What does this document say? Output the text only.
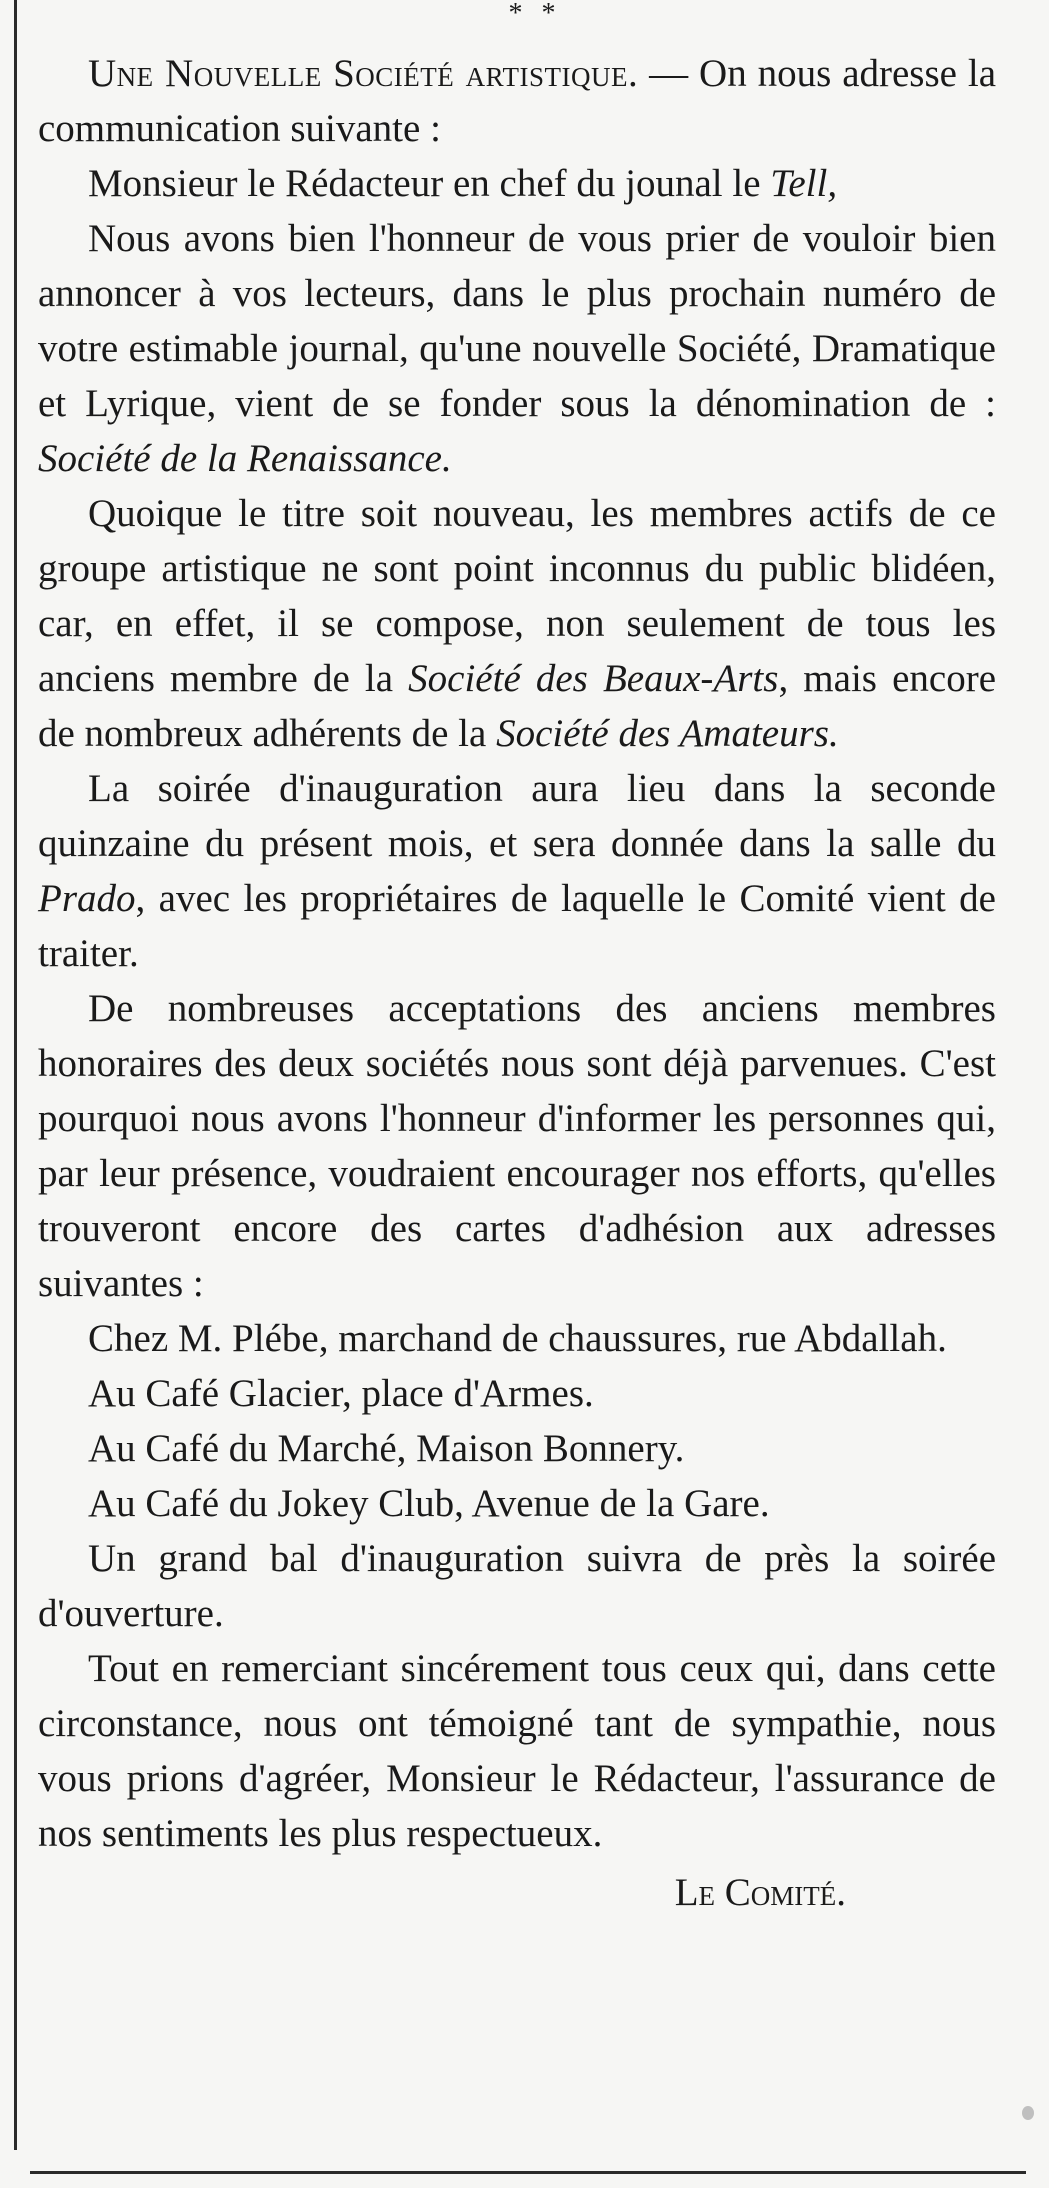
* *

Une Nouvelle Société artistique. — On nous adresse la communication suivante :

Monsieur le Rédacteur en chef du jounal le Tell,

Nous avons bien l'honneur de vous prier de vouloir bien annoncer à vos lecteurs, dans le plus prochain numéro de votre estimable journal, qu'une nouvelle Société, Dramatique et Lyrique, vient de se fonder sous la dénomination de : Société de la Renaissance.

Quoique le titre soit nouveau, les membres actifs de ce groupe artistique ne sont point inconnus du public blidéen, car, en effet, il se compose, non seulement de tous les anciens membre de la Société des Beaux-Arts, mais encore de nombreux adhérents de la Société des Amateurs.

La soirée d'inauguration aura lieu dans la seconde quinzaine du présent mois, et sera donnée dans la salle du Prado, avec les propriétaires de laquelle le Comité vient de traiter.

De nombreuses acceptations des anciens membres honoraires des deux sociétés nous sont déjà parvenues. C'est pourquoi nous avons l'honneur d'informer les personnes qui, par leur présence, voudraient encourager nos efforts, qu'elles trouveront encore des cartes d'adhésion aux adresses suivantes :

Chez M. Plébe, marchand de chaussures, rue Abdallah.

Au Café Glacier, place d'Armes.

Au Café du Marché, Maison Bonnery.

Au Café du Jokey Club, Avenue de la Gare.

Un grand bal d'inauguration suivra de près la soirée d'ouverture.

Tout en remerciant sincérement tous ceux qui, dans cette circonstance, nous ont témoigné tant de sympathie, nous vous prions d'agréer, Monsieur le Rédacteur, l'assurance de nos sentiments les plus respectueux.

Le Comité.
